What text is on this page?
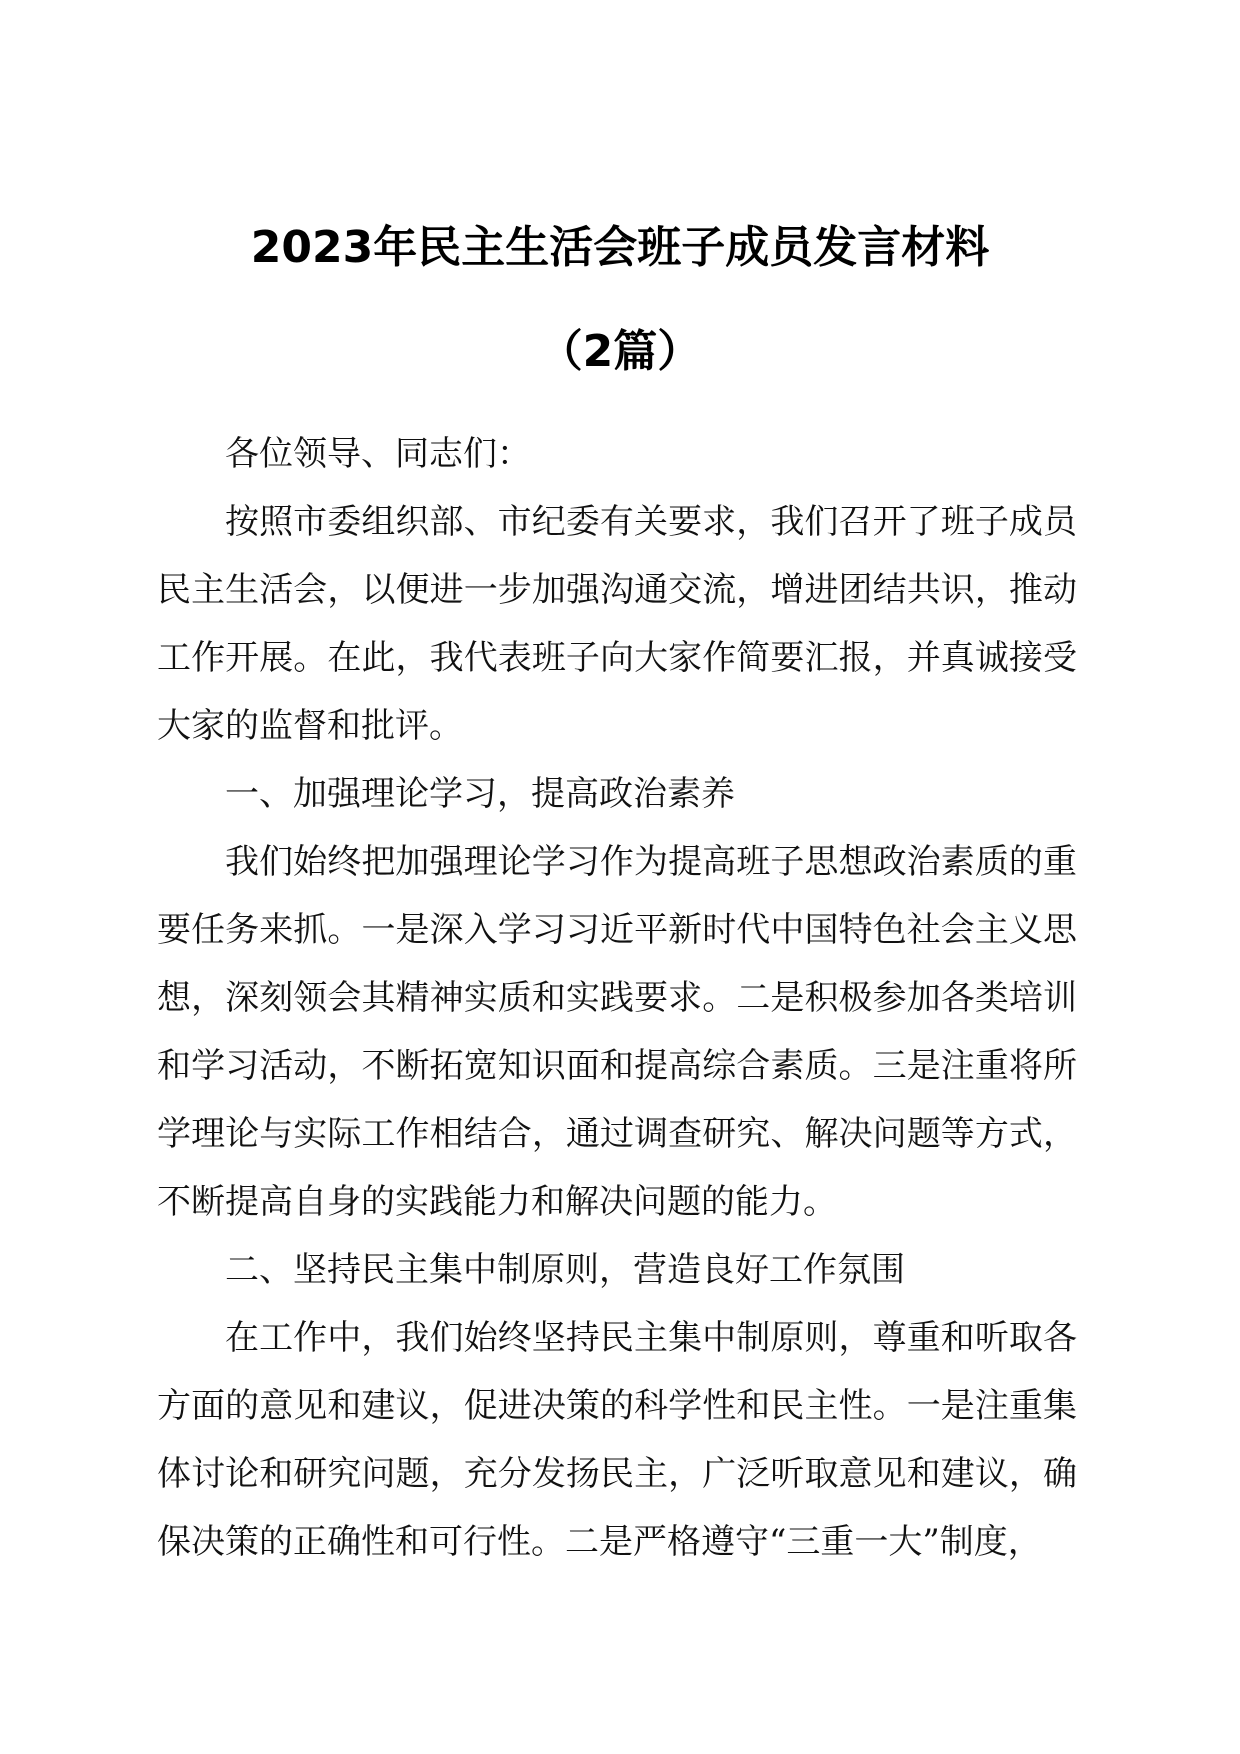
2023年民主生活会班子成员发言材料
（2篇）

各位领导、同志们：

按照市委组织部、市纪委有关要求，我们召开了班子成员民主生活会，以便进一步加强沟通交流，增进团结共识，推动工作开展。在此，我代表班子向大家作简要汇报，并真诚接受大家的监督和批评。

一、加强理论学习，提高政治素养

我们始终把加强理论学习作为提高班子思想政治素质的重要任务来抓。一是深入学习习近平新时代中国特色社会主义思想，深刻领会其精神实质和实践要求。二是积极参加各类培训和学习活动，不断拓宽知识面和提高综合素质。三是注重将所学理论与实际工作相结合，通过调查研究、解决问题等方式，不断提高自身的实践能力和解决问题的能力。

二、坚持民主集中制原则，营造良好工作氛围

在工作中，我们始终坚持民主集中制原则，尊重和听取各方面的意见和建议，促进决策的科学性和民主性。一是注重集体讨论和研究问题，充分发扬民主，广泛听取意见和建议，确保决策的正确性和可行性。二是严格遵守“三重一大”制度，
